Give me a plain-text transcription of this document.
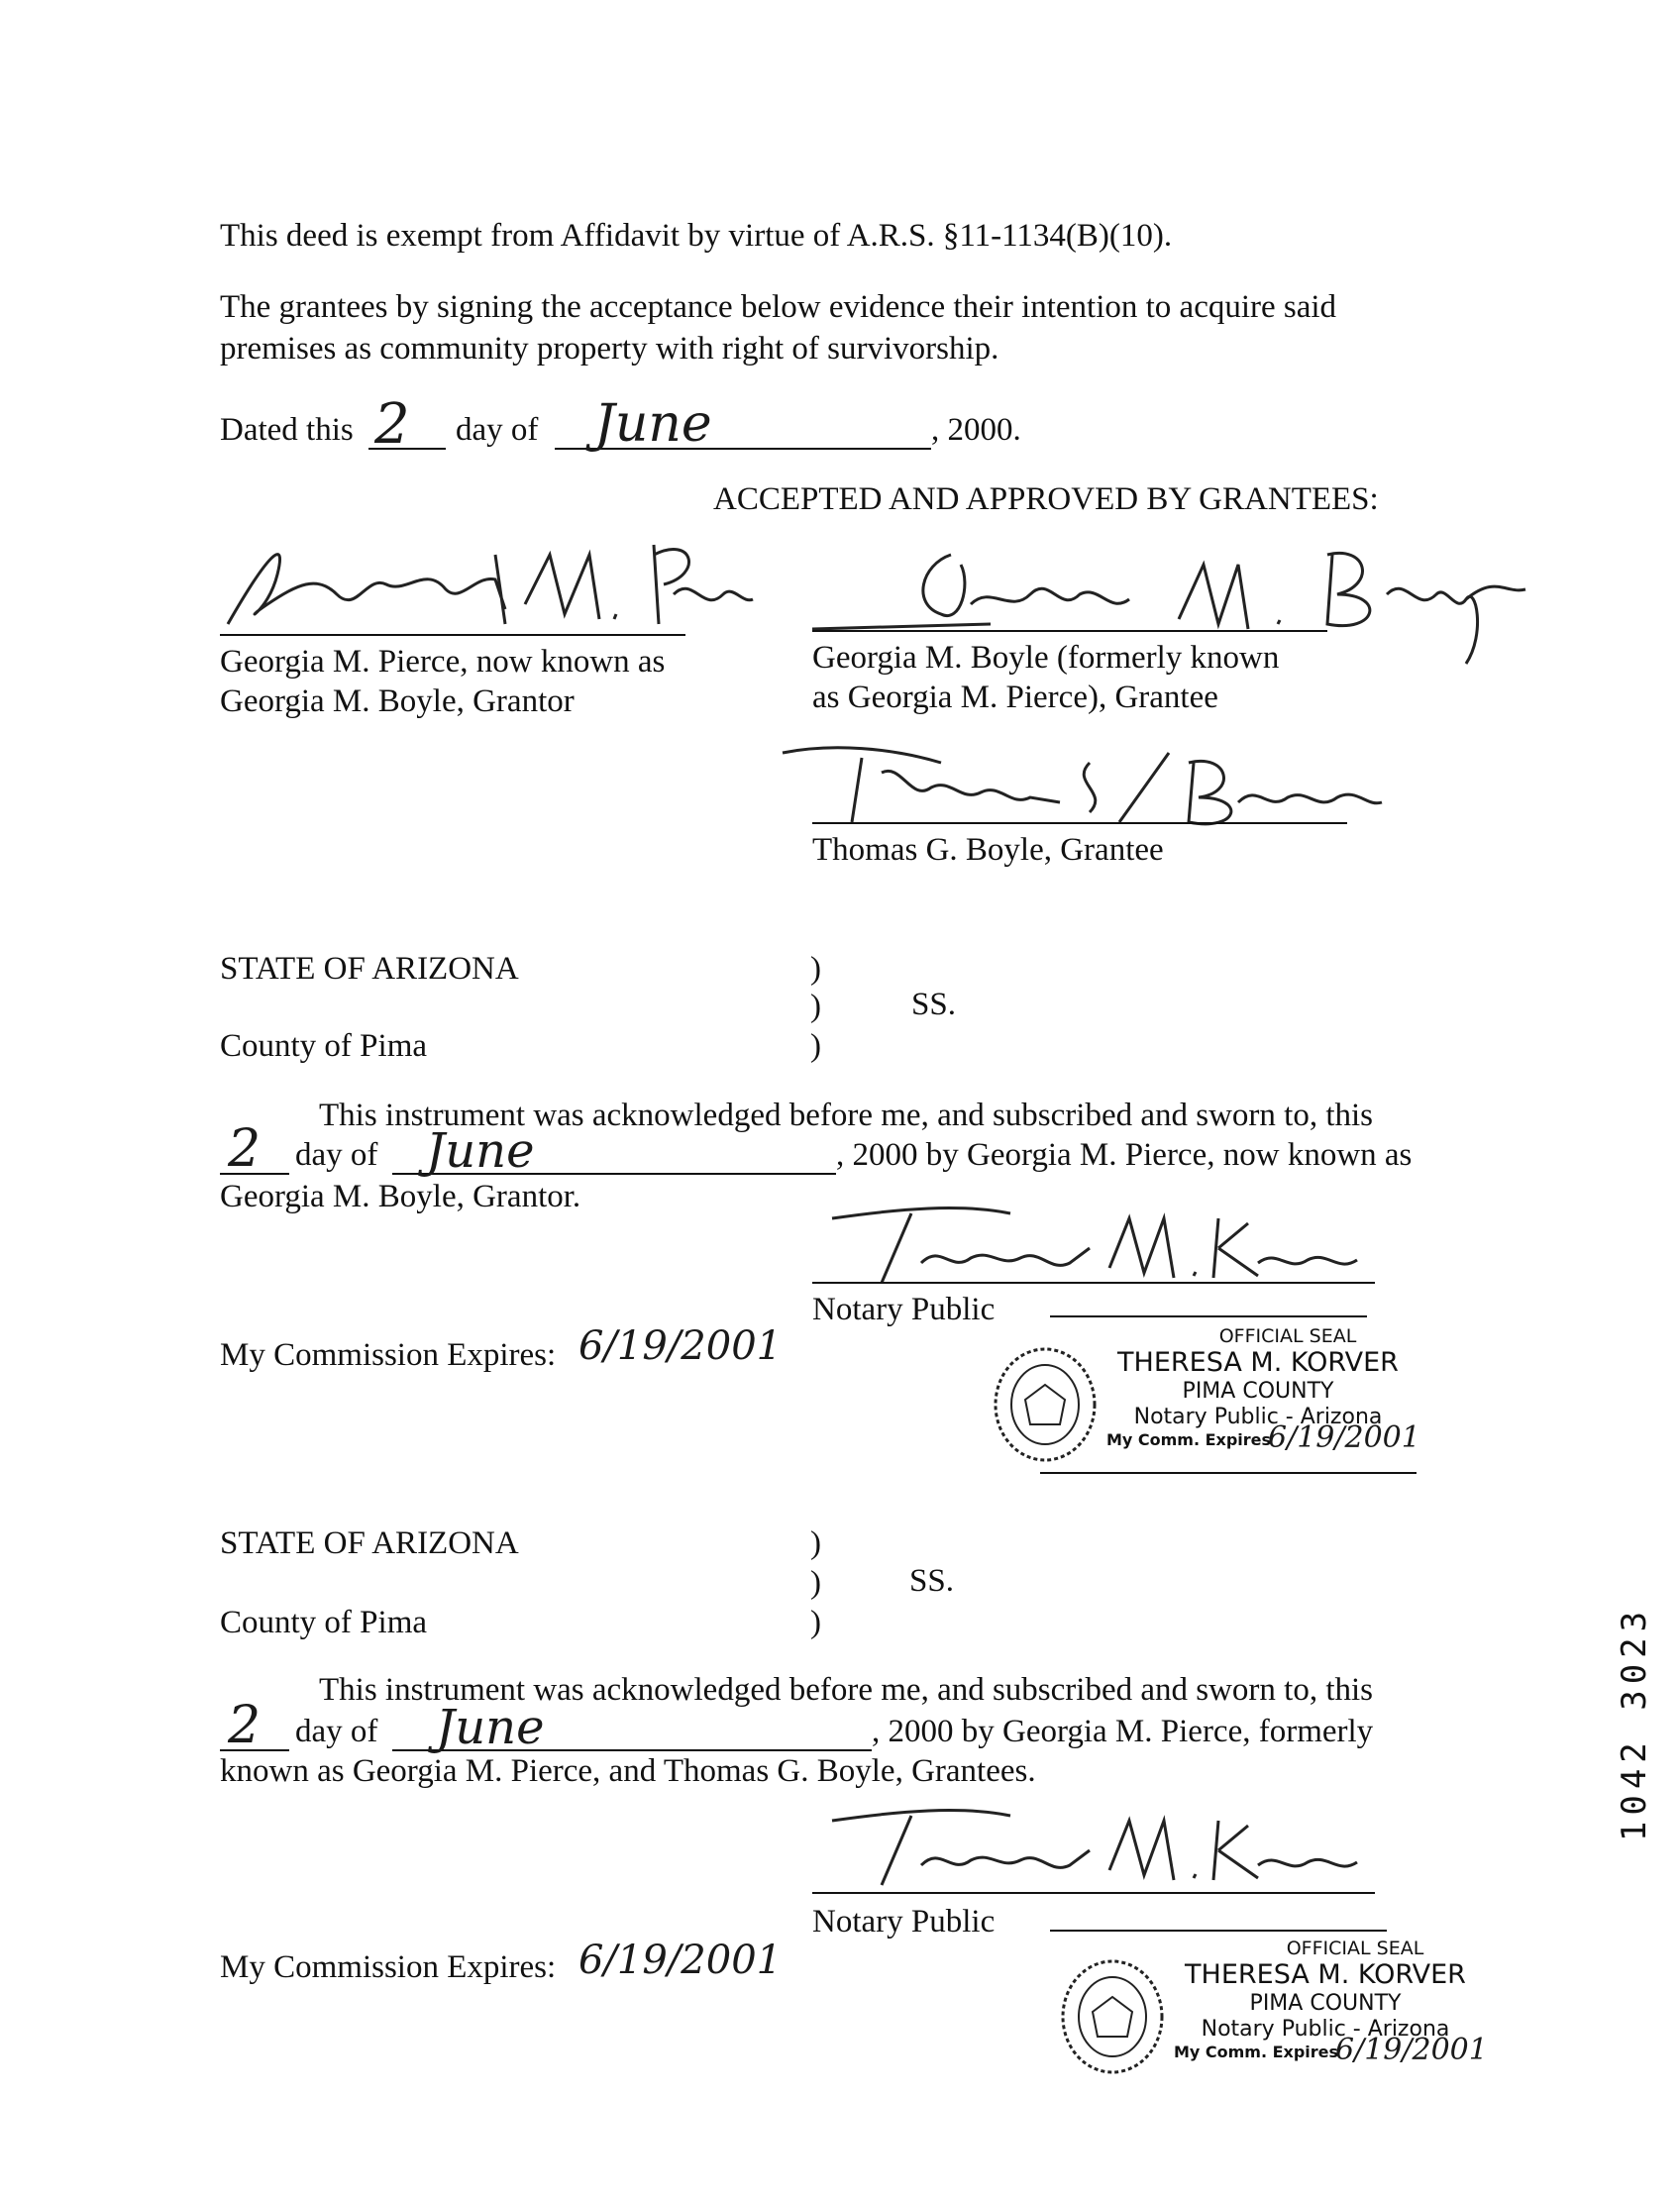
This deed is exempt from Affidavit by virtue of A.R.S. §11-1134(B)(10).
The grantees by signing the acceptance below evidence their intention to acquire said
premises as community property with right of survivorship.
Dated this 2 day of June	, 2000.
ACCEPTED AND APPROVED BY GRANTEES:
Georgia M. Pierce, now known as
Georgia M. Boyle, Grantor
Georgia M. Boyle (formerly known
as Georgia M. Pierce), Grantee
Thomas G. Boyle, Grantee
STATE OF ARIZONA
County of Pima
)
)
)
SS.
This instrument was acknowledged before me, and subscribed and sworn to, this
2 day of June	, 2000 by Georgia M. Pierce, now known as
Georgia M. Boyle, Grantor.
Notary Public
My Commission Expires: 6/19/2001	OFFICIAL SEAL
THERESA M. KORVER
PIMA COUNTY
Notary Public - Arizona
My Comm. Expires
6/19/2001
STATE OF ARIZONA
County of Pima
)
)
)
SS.
This instrument was acknowledged before me, and subscribed and sworn to, this
2 day of June	, 2000 by Georgia M. Pierce, formerly
known as Georgia M. Pierce, and Thomas G. Boyle, Grantees.
Notary Public
My Commission Expires: 6/19/2001	OFFICIAL SEAL
THERESA M. KORVER
PIMA COUNTY
Notary Public - Arizona
My Comm. Expires
6/19/2001
1042 3023
